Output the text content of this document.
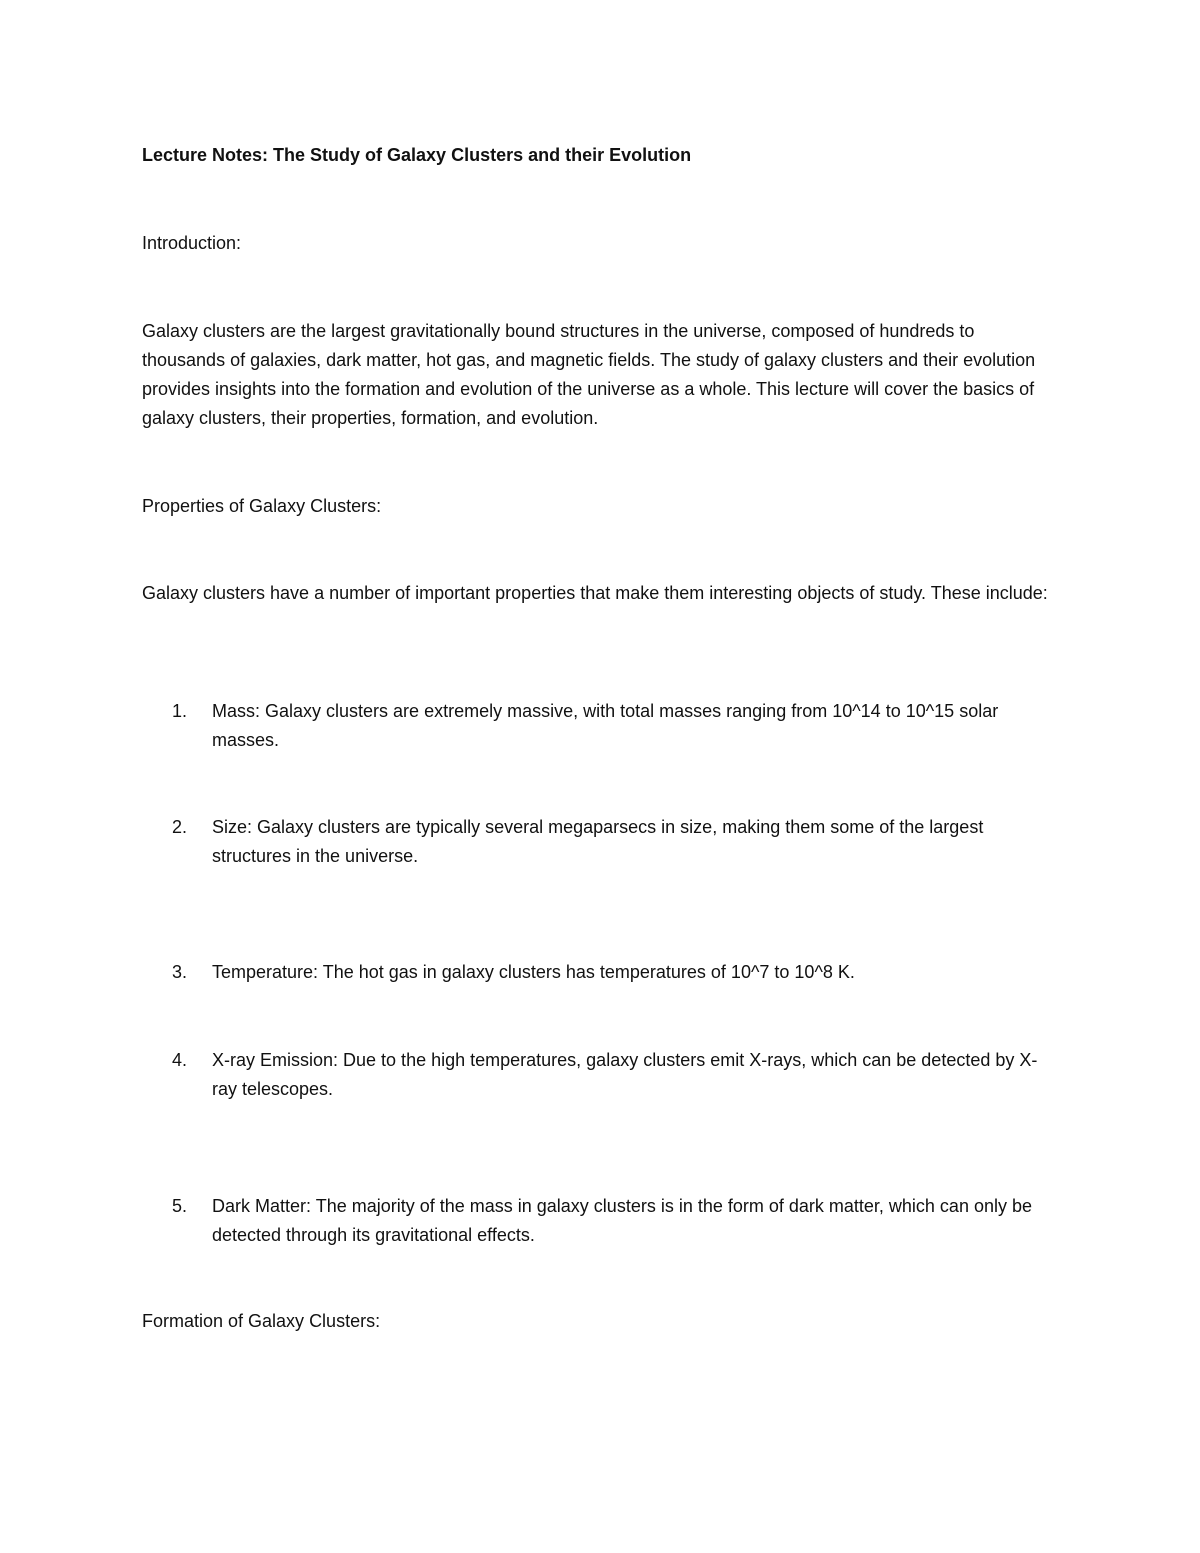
Lecture Notes: The Study of Galaxy Clusters and their Evolution

Introduction:

Galaxy clusters are the largest gravitationally bound structures in the universe, composed of hundreds to thousands of galaxies, dark matter, hot gas, and magnetic fields. The study of galaxy clusters and their evolution provides insights into the formation and evolution of the universe as a whole. This lecture will cover the basics of galaxy clusters, their properties, formation, and evolution.

Properties of Galaxy Clusters:

Galaxy clusters have a number of important properties that make them interesting objects of study. These include:

1.	Mass: Galaxy clusters are extremely massive, with total masses ranging from 10^14 to 10^15 solar masses.
2.	Size: Galaxy clusters are typically several megaparsecs in size, making them some of the largest structures in the universe.
3.	Temperature: The hot gas in galaxy clusters has temperatures of 10^7 to 10^8 K.
4.	X-ray Emission: Due to the high temperatures, galaxy clusters emit X-rays, which can be detected by X-ray telescopes.
5.	Dark Matter: The majority of the mass in galaxy clusters is in the form of dark matter, which can only be detected through its gravitational effects.

Formation of Galaxy Clusters:
